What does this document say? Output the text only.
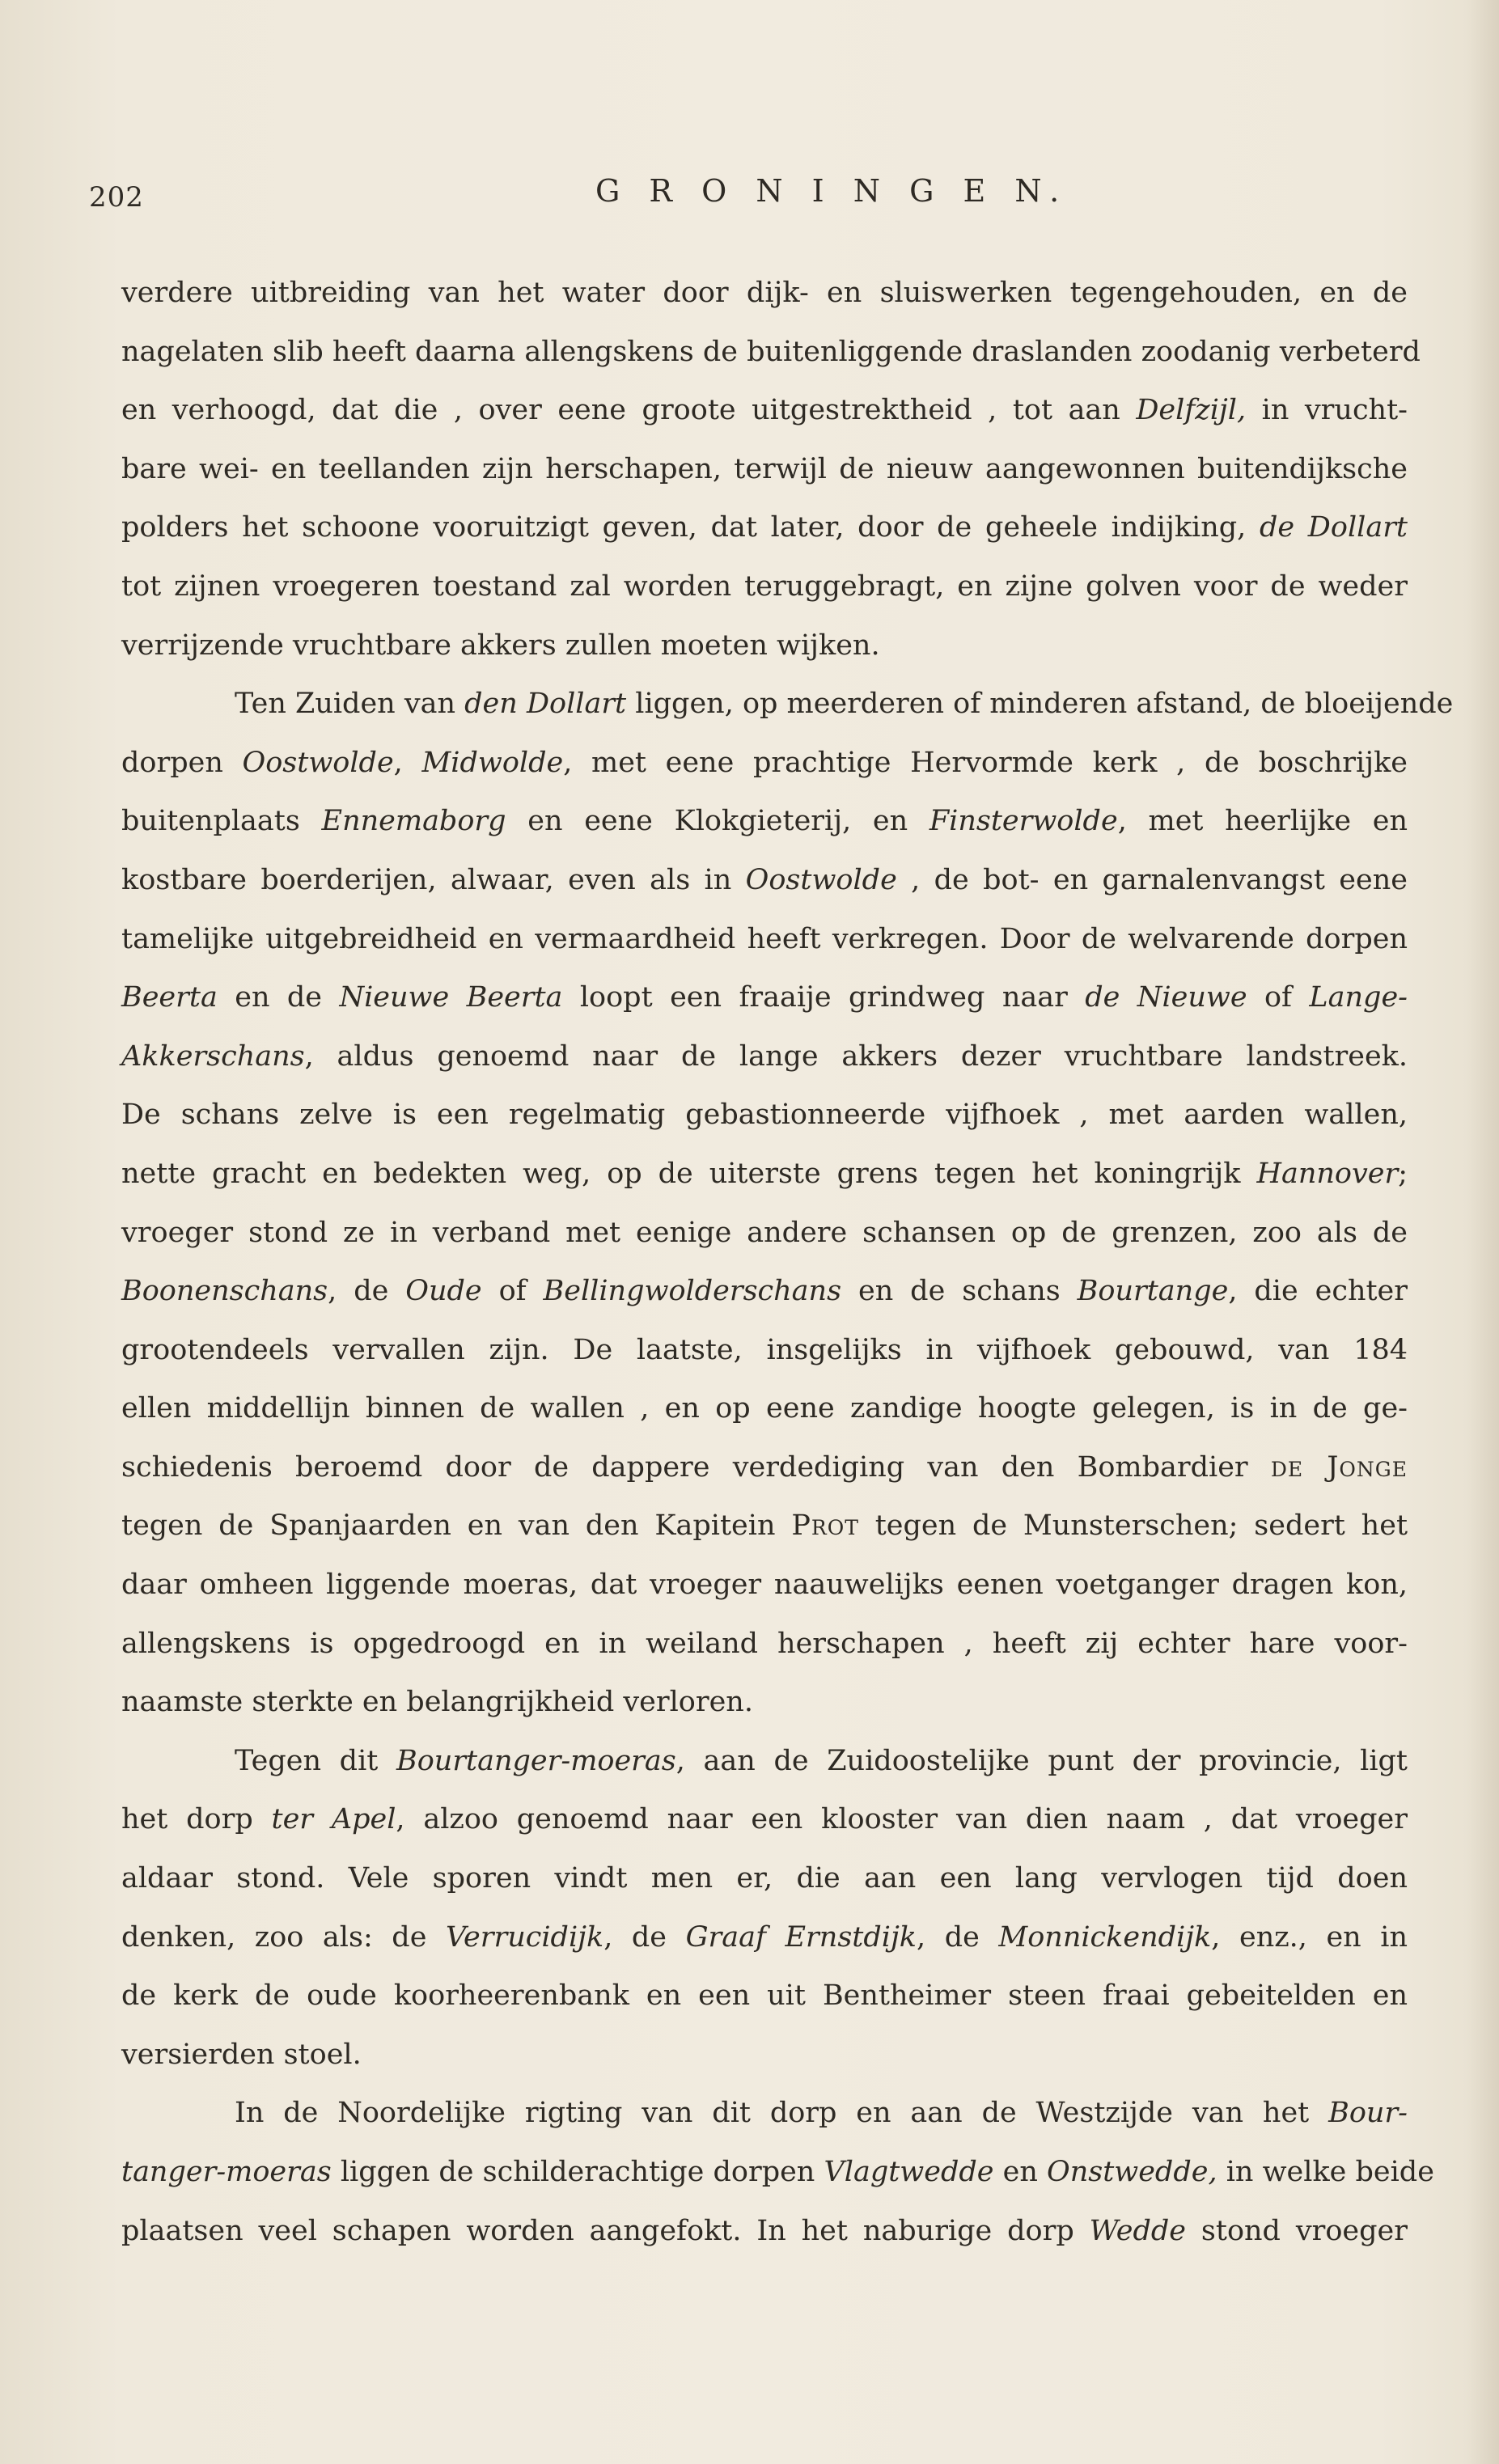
202	G R O N I N G E N.
verdere uitbreiding van het water door dijk- en sluiswerken tegengehouden, en de
nagelaten slib heeft daarna allengskens de buitenliggende draslanden zoodanig verbeterd
en verhoogd, dat die , over eene groote uitgestrektheid , tot aan Delfzijl, in vrucht-
bare wei- en teellanden zijn herschapen, terwijl de nieuw aangewonnen buitendijksche
polders het schoone vooruitzigt geven, dat later, door de geheele indijking, de Dollart
tot zijnen vroegeren toestand zal worden teruggebragt, en zijne golven voor de weder
verrijzende vruchtbare akkers zullen moeten wijken.
Ten Zuiden van den Dollart liggen, op meerderen of minderen afstand, de bloeijende
dorpen Oostwolde, Midwolde, met eene prachtige Hervormde kerk , de boschrijke
buitenplaats Ennemaborg en eene Klokgieterij, en Finsterwolde, met heerlijke en
kostbare boerderijen, alwaar, even als in Oostwolde , de bot- en garnalenvangst eene
tamelijke uitgebreidheid en vermaardheid heeft verkregen. Door de welvarende dorpen
Beerta en de Nieuwe Beerta loopt een fraaije grindweg naar de Nieuwe of Lange-
Akkerschans, aldus genoemd naar de lange akkers dezer vruchtbare landstreek.
De schans zelve is een regelmatig gebastionneerde vijfhoek , met aarden wallen,
nette gracht en bedekten weg, op de uiterste grens tegen het koningrijk Hannover;
vroeger stond ze in verband met eenige andere schansen op de grenzen, zoo als de
Boonenschans, de Oude of Bellingwolderschans en de schans Bourtange, die echter
grootendeels vervallen zijn. De laatste, insgelijks in vijfhoek gebouwd, van 184
ellen middellijn binnen de wallen , en op eene zandige hoogte gelegen, is in de ge-
schiedenis beroemd door de dappere verdediging van den Bombardier de Jonge
tegen de Spanjaarden en van den Kapitein Prot tegen de Munsterschen; sedert het
daar omheen liggende moeras, dat vroeger naauwelijks eenen voetganger dragen kon,
allengskens is opgedroogd en in weiland herschapen , heeft zij echter hare voor-
naamste sterkte en belangrijkheid verloren.
Tegen dit Bourtanger-moeras, aan de Zuidoostelijke punt der provincie, ligt
het dorp ter Apel, alzoo genoemd naar een klooster van dien naam , dat vroeger
aldaar stond. Vele sporen vindt men er, die aan een lang vervlogen tijd doen
denken, zoo als: de Verrucidijk, de Graaf Ernstdijk, de Monnickendijk, enz., en in
de kerk de oude koorheerenbank en een uit Bentheimer steen fraai gebeitelden en
versierden stoel.
In de Noordelijke rigting van dit dorp en aan de Westzijde van het Bour-
tanger-moeras liggen de schilderachtige dorpen Vlagtwedde en Onstwedde, in welke beide
plaatsen veel schapen worden aangefokt. In het naburige dorp Wedde stond vroeger
